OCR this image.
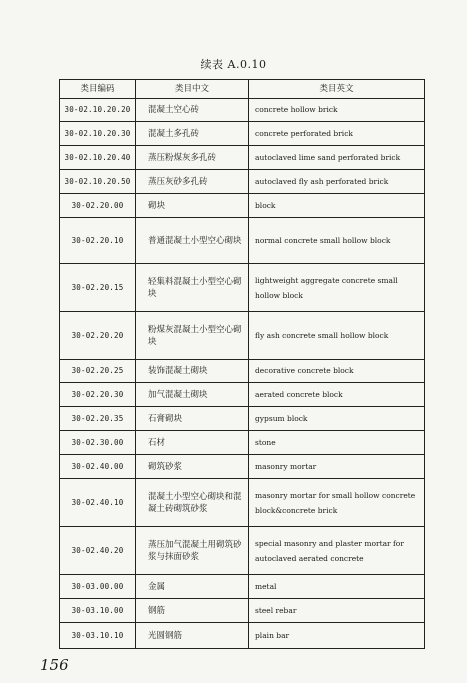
续表 A.0.10
类目编码	类目中文	类目英文
30-02.10.20.20	混凝土空心砖	concrete hollow brick
30-02.10.20.30	混凝土多孔砖	concrete perforated brick
30-02.10.20.40	蒸压粉煤灰多孔砖	autoclaved lime sand perforated brick
30-02.10.20.50	蒸压灰砂多孔砖	autoclaved fly ash perforated brick
30-02.20.00	砌块	block
30-02.20.10	普通混凝土小型空心砌块	normal concrete small hollow block
30-02.20.15	轻集料混凝土小型空心砌块	lightweight aggregate concrete small hollow block
30-02.20.20	粉煤灰混凝土小型空心砌块	fly ash concrete small hollow block
30-02.20.25	装饰混凝土砌块	decorative concrete block
30-02.20.30	加气混凝土砌块	aerated concrete block
30-02.20.35	石膏砌块	gypsum block
30-02.30.00	石材	stone
30-02.40.00	砌筑砂浆	masonry mortar
30-02.40.10	混凝土小型空心砌块和混凝土砖砌筑砂浆	masonry mortar for small hollow concrete block&concrete brick
30-02.40.20	蒸压加气混凝土用砌筑砂浆与抹面砂浆	special masonry and plaster mortar for autoclaved aerated concrete
30-03.00.00	金属	metal
30-03.10.00	钢筋	steel rebar
30-03.10.10	光圆钢筋	plain bar
156
